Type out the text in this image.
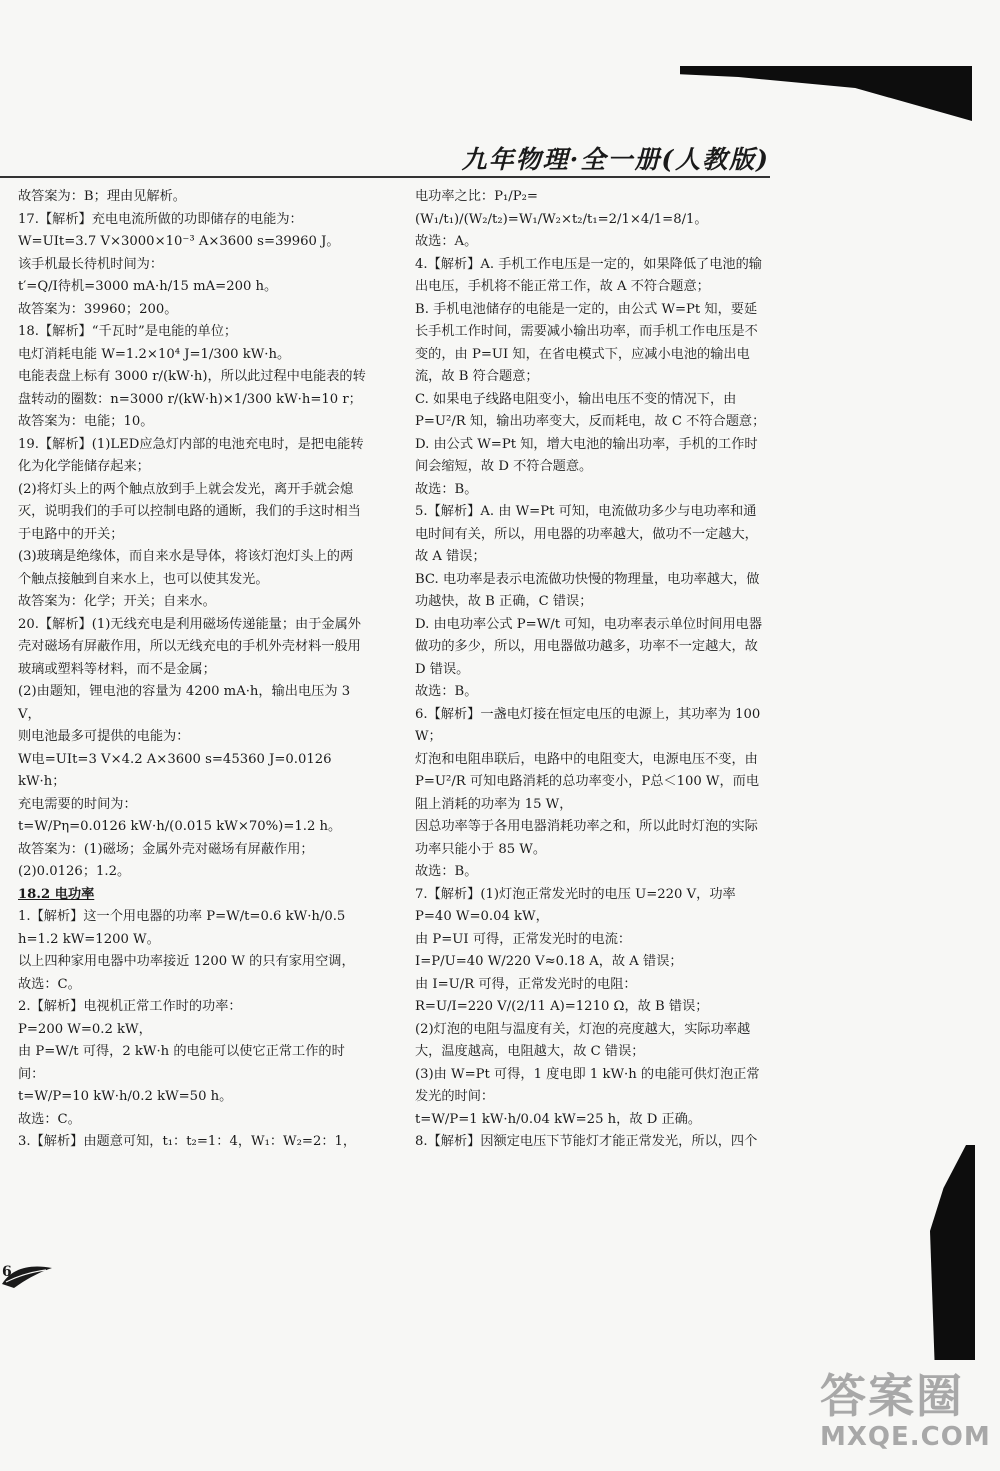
九年物理·全一册(人教版)

故答案为：B；理由见解析。

17.【解析】充电电流所做的功即储存的电能为：

W=UIt=3.7 V×3000×10⁻³ A×3600 s=39960 J。

该手机最长待机时间为：

t′=Q/I待机=3000 mA·h/15 mA=200 h。

故答案为：39960；200。

18.【解析】“千瓦时”是电能的单位；

电灯消耗电能 W=1.2×10⁴ J=1/300 kW·h。

电能表盘上标有 3000 r/(kW·h)，所以此过程中电能表的转盘转动的圈数：n=3000 r/(kW·h)×1/300 kW·h=10 r；

故答案为：电能；10。

19.【解析】(1)LED应急灯内部的电池充电时，是把电能转化为化学能储存起来；

(2)将灯头上的两个触点放到手上就会发光，离开手就会熄灭，说明我们的手可以控制电路的通断，我们的手这时相当于电路中的开关；

(3)玻璃是绝缘体，而自来水是导体，将该灯泡灯头上的两个触点接触到自来水上，也可以使其发光。

故答案为：化学；开关；自来水。

20.【解析】(1)无线充电是利用磁场传递能量；由于金属外壳对磁场有屏蔽作用，所以无线充电的手机外壳材料一般用玻璃或塑料等材料，而不是金属；

(2)由题知，锂电池的容量为 4200 mA·h，输出电压为 3 V，

则电池最多可提供的电能为：

W电=UIt=3 V×4.2 A×3600 s=45360 J=0.0126 kW·h；

充电需要的时间为：

t=W/Pη=0.0126 kW·h/(0.015 kW×70%)=1.2 h。

故答案为：(1)磁场；金属外壳对磁场有屏蔽作用；(2)0.0126；1.2。

18.2 电功率

1.【解析】这一个用电器的功率 P=W/t=0.6 kW·h/0.5 h=1.2 kW=1200 W。

以上四种家用电器中功率接近 1200 W 的只有家用空调，

故选：C。

2.【解析】电视机正常工作时的功率：

P=200 W=0.2 kW，

由 P=W/t 可得，2 kW·h 的电能可以使它正常工作的时间：

t=W/P=10 kW·h/0.2 kW=50 h。

故选：C。

3.【解析】由题意可知，t₁：t₂=1：4，W₁：W₂=2：1，

电功率之比：P₁/P₂=(W₁/t₁)/(W₂/t₂)=W₁/W₂×t₂/t₁=2/1×4/1=8/1。

故选：A。

4.【解析】A. 手机工作电压是一定的，如果降低了电池的输出电压，手机将不能正常工作，故 A 不符合题意；

B. 手机电池储存的电能是一定的，由公式 W=Pt 知，要延长手机工作时间，需要减小输出功率，而手机工作电压是不变的，由 P=UI 知，在省电模式下，应减小电池的输出电流，故 B 符合题意；

C. 如果电子线路电阻变小，输出电压不变的情况下，由 P=U²/R 知，输出功率变大，反而耗电，故 C 不符合题意；

D. 由公式 W=Pt 知，增大电池的输出功率，手机的工作时间会缩短，故 D 不符合题意。

故选：B。

5.【解析】A. 由 W=Pt 可知，电流做功多少与电功率和通电时间有关，所以，用电器的功率越大，做功不一定越大，故 A 错误；

BC. 电功率是表示电流做功快慢的物理量，电功率越大，做功越快，故 B 正确，C 错误；

D. 由电功率公式 P=W/t 可知，电功率表示单位时间用电器做功的多少，所以，用电器做功越多，功率不一定越大，故 D 错误。

故选：B。

6.【解析】一盏电灯接在恒定电压的电源上，其功率为 100 W；

灯泡和电阻串联后，电路中的电阻变大，电源电压不变，由 P=U²/R 可知电路消耗的总功率变小，P总＜100 W，而电阻上消耗的功率为 15 W，

因总功率等于各用电器消耗功率之和，所以此时灯泡的实际功率只能小于 85 W。

故选：B。

7.【解析】(1)灯泡正常发光时的电压 U=220 V，功率 P=40 W=0.04 kW，

由 P=UI 可得，正常发光时的电流：

I=P/U=40 W/220 V≈0.18 A，故 A 错误；

由 I=U/R 可得，正常发光时的电阻：

R=U/I=220 V/(2/11 A)=1210 Ω，故 B 错误；

(2)灯泡的电阻与温度有关，灯泡的亮度越大，实际功率越大，温度越高，电阻越大，故 C 错误；

(3)由 W=Pt 可得，1 度电即 1 kW·h 的电能可供灯泡正常发光的时间：

t=W/P=1 kW·h/0.04 kW=25 h，故 D 正确。

8.【解析】因额定电压下节能灯才能正常发光，所以，四个

6
答案圈
MXQE.COM
